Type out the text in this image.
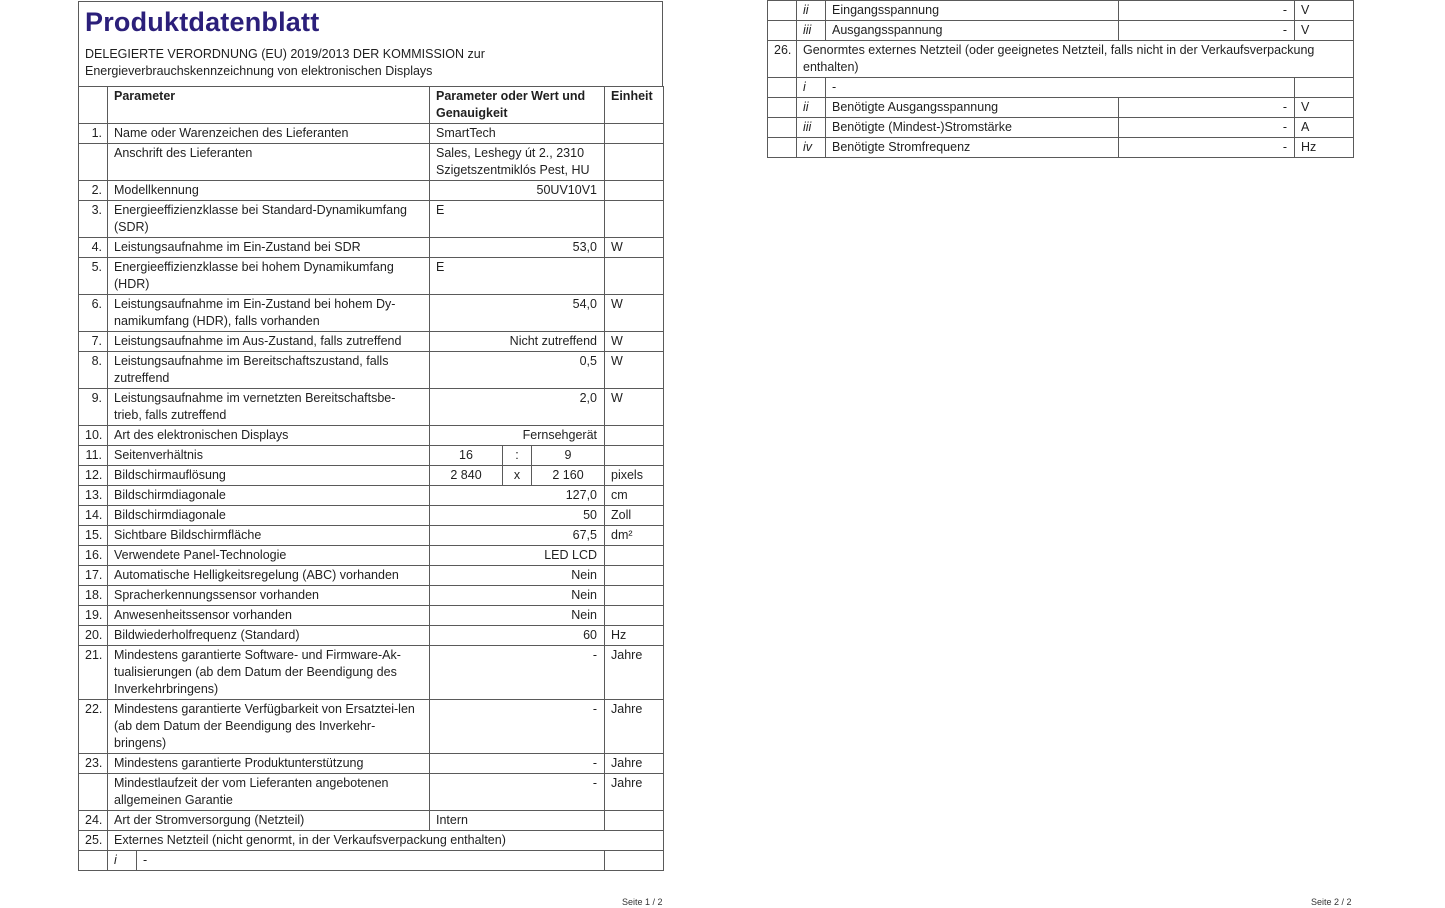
Produktdatenblatt
DELEGIERTE VERORDNUNG (EU) 2019/2013 DER KOMMISSION zur
Energieverbrauchskennzeichnung von elektronischen Displays
	Parameter		Parameter oder Wert und Genauigkeit			Einheit
1.	Name oder Warenzeichen des Lieferanten		SmartTech			
	Anschrift des Lieferanten		Sales, Leshegy út 2., 2310 Szigetszentmiklós Pest, HU			
2.	Modellkennung		50UV10V1			
3.	Energieeffizienzklasse bei Standard-Dynamikumfang (SDR)		E			
4.	Leistungsaufnahme im Ein-Zustand bei SDR		53,0			W
5.	Energieeffizienzklasse bei hohem Dynamikumfang (HDR)		E			
6.	Leistungsaufnahme im Ein-Zustand bei hohem Dy-namikumfang (HDR), falls vorhanden		54,0			W
7.	Leistungsaufnahme im Aus-Zustand, falls zutreffend		Nicht zutreffend			W
8.	Leistungsaufnahme im Bereitschaftszustand, falls zutreffend		0,5			W
9.	Leistungsaufnahme im vernetzten Bereitschaftsbe-trieb, falls zutreffend		2,0			W
10.	Art des elektronischen Displays		Fernsehgerät			
11.	Seitenverhältnis		16	:	9	
12.	Bildschirmauflösung		2 840	x	2 160	pixels
13.	Bildschirmdiagonale		127,0			cm
14.	Bildschirmdiagonale		50			Zoll
15.	Sichtbare Bildschirmfläche		67,5			dm²
16.	Verwendete Panel-Technologie		LED LCD			
17.	Automatische Helligkeitsregelung (ABC) vorhanden		Nein			
18.	Spracherkennungssensor vorhanden		Nein			
19.	Anwesenheitssensor vorhanden		Nein			
20.	Bildwiederholfrequenz (Standard)		60			Hz
21.	Mindestens garantierte Software- und Firmware-Ak-tualisierungen (ab dem Datum der Beendigung des Inverkehrbringens)		-			Jahre
22.	Mindestens garantierte Verfügbarkeit von Ersatztei-len (ab dem Datum der Beendigung des Inverkehr-bringens)		-			Jahre
23.	Mindestens garantierte Produktunterstützung		-			Jahre
	Mindestlaufzeit der vom Lieferanten angebotenen allgemeinen Garantie		-			Jahre
24.	Art der Stromversorgung (Netzteil)		Intern			
25.	Externes Netzteil (nicht genormt, in der Verkaufsverpackung enthalten)					
	i	-				
Seite 1 / 2
	ii	Eingangsspannung	-	V
	iii	Ausgangsspannung	-	V
26.	Genormtes externes Netzteil (oder geeignetes Netzteil, falls nicht in der Verkaufsverpackung enthalten)			
	i	-		
	ii	Benötigte Ausgangsspannung	-	V
	iii	Benötigte (Mindest-)Stromstärke	-	A
	iv	Benötigte Stromfrequenz	-	Hz
Seite 2 / 2
